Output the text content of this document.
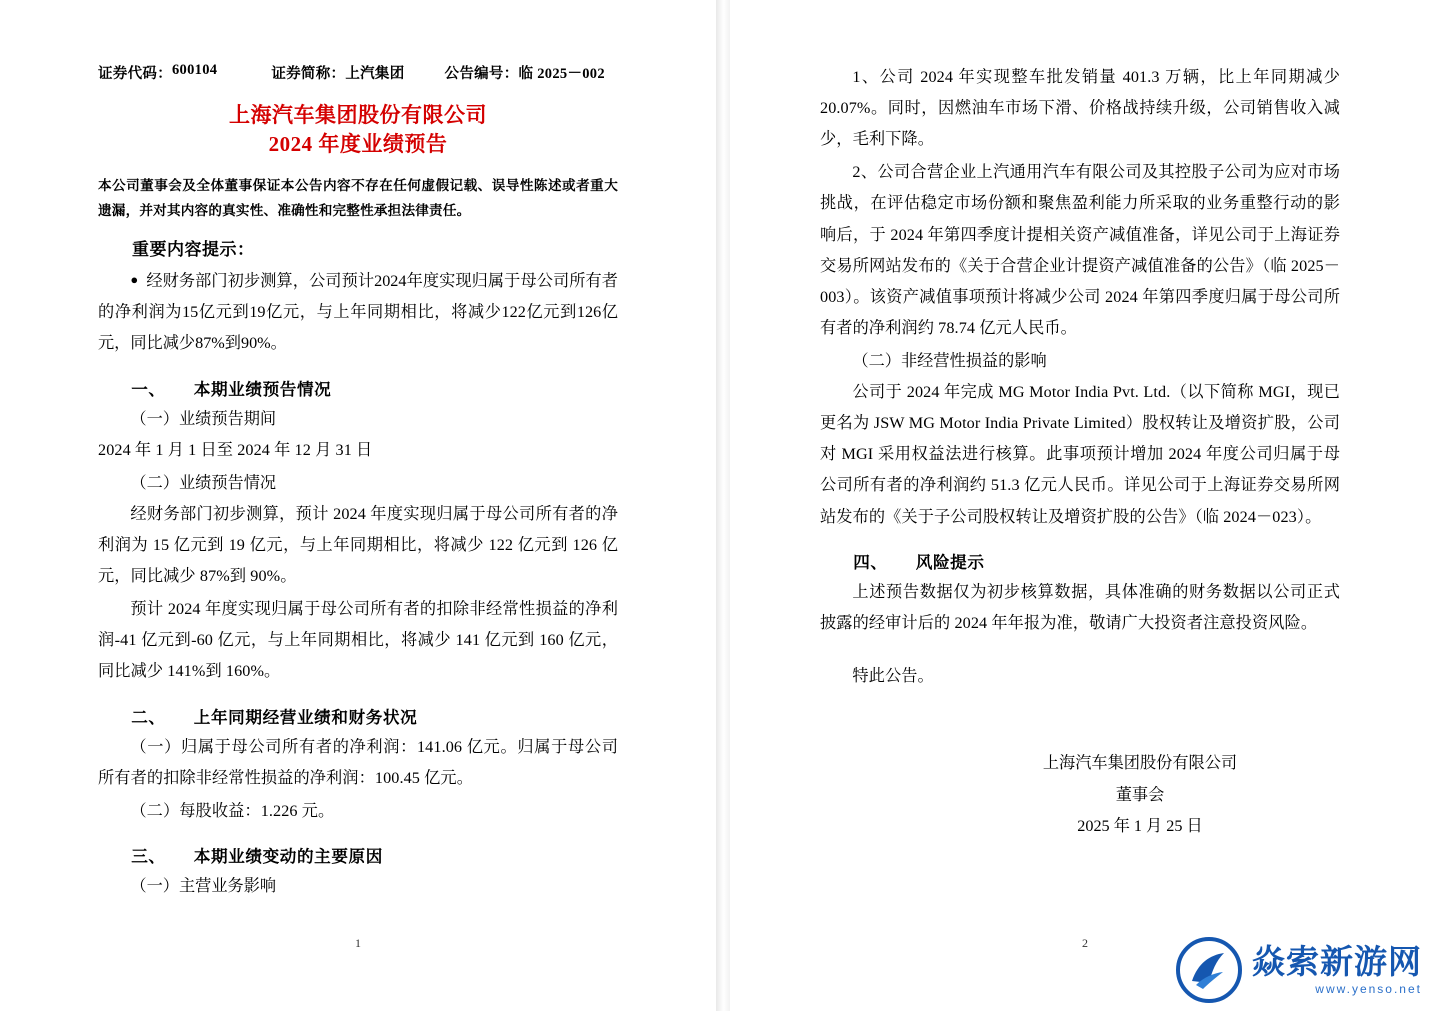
证券代码： 600104	证券简称： 上汽集团	公告编号： 临 2025－002
上海汽车集团股份有限公司
2024 年度业绩预告
本公司董事会及全体董事保证本公告内容不存在任何虚假记载、误导性陈述或者重大遗漏，并对其内容的真实性、准确性和完整性承担法律责任。
重要内容提示：

● 经财务部门初步测算，公司预计2024年度实现归属于母公司所有者的净利润为15亿元到19亿元，与上年同期相比，将减少122亿元到126亿元，同比减少87%到90%。

一、 本期业绩预告情况

（一）业绩预告期间

2024 年 1 月 1 日至 2024 年 12 月 31 日

（二）业绩预告情况

经财务部门初步测算，预计 2024 年度实现归属于母公司所有者的净利润为 15 亿元到 19 亿元，与上年同期相比，将减少 122 亿元到 126 亿元，同比减少 87%到 90%。

预计 2024 年度实现归属于母公司所有者的扣除非经常性损益的净利润-41 亿元到-60 亿元，与上年同期相比，将减少 141 亿元到 160 亿元，同比减少 141%到 160%。

二、 上年同期经营业绩和财务状况

（一）归属于母公司所有者的净利润：141.06 亿元。归属于母公司所有者的扣除非经常性损益的净利润：100.45 亿元。

（二）每股收益：1.226 元。

三、 本期业绩变动的主要原因

（一）主营业务影响

1

1、公司 2024 年实现整车批发销量 401.3 万辆，比上年同期减少 20.07%。同时，因燃油车市场下滑、价格战持续升级，公司销售收入减少，毛利下降。

2、公司合营企业上汽通用汽车有限公司及其控股子公司为应对市场挑战，在评估稳定市场份额和聚焦盈利能力所采取的业务重整行动的影响后，于 2024 年第四季度计提相关资产减值准备，详见公司于上海证券交易所网站发布的《关于合营企业计提资产减值准备的公告》（临 2025－003）。该资产减值事项预计将减少公司 2024 年第四季度归属于母公司所有者的净利润约 78.74 亿元人民币。

（二）非经营性损益的影响

公司于 2024 年完成 MG Motor India Pvt. Ltd.（以下简称 MGI，现已更名为 JSW MG Motor India Private Limited）股权转让及增资扩股，公司对 MGI 采用权益法进行核算。此事项预计增加 2024 年度公司归属于母公司所有者的净利润约 51.3 亿元人民币。详见公司于上海证券交易所网站发布的《关于子公司股权转让及增资扩股的公告》（临 2024－023）。

四、 风险提示

上述预告数据仅为初步核算数据，具体准确的财务数据以公司正式披露的经审计后的 2024 年年报为准，敬请广大投资者注意投资风险。

特此公告。

上海汽车集团股份有限公司
董事会
2025 年 1 月 25 日
2	焱索新游网
www.yenso.net
